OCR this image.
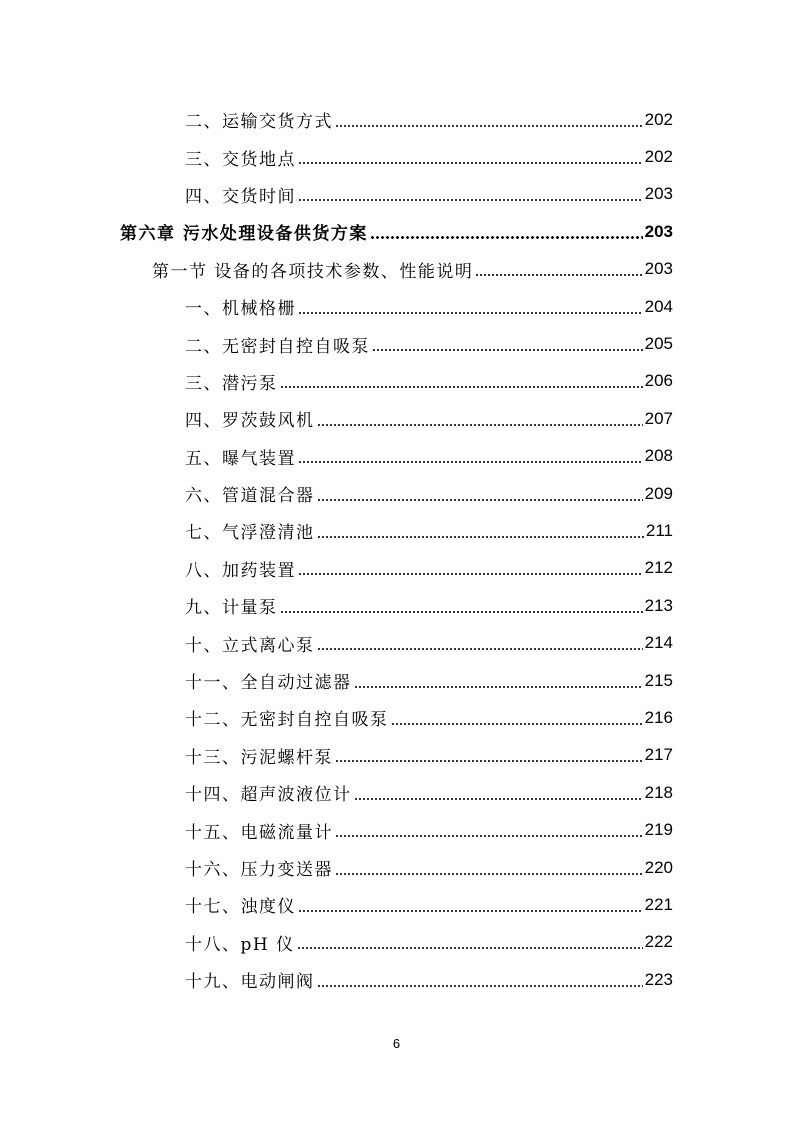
二、运输交货方式	202
三、交货地点	202
四、交货时间	203
第六章 污水处理设备供货方案	203
第一节 设备的各项技术参数、性能说明	203
一、机械格栅	204
二、无密封自控自吸泵	205
三、潜污泵	206
四、罗茨鼓风机	207
五、曝气装置	208
六、管道混合器	209
七、气浮澄清池	211
八、加药装置	212
九、计量泵	213
十、立式离心泵	214
十一、全自动过滤器	215
十二、无密封自控自吸泵	216
十三、污泥螺杆泵	217
十四、超声波液位计	218
十五、电磁流量计	219
十六、压力变送器	220
十七、浊度仪	221
十八、pH 仪	222
十九、电动闸阀	223
6
